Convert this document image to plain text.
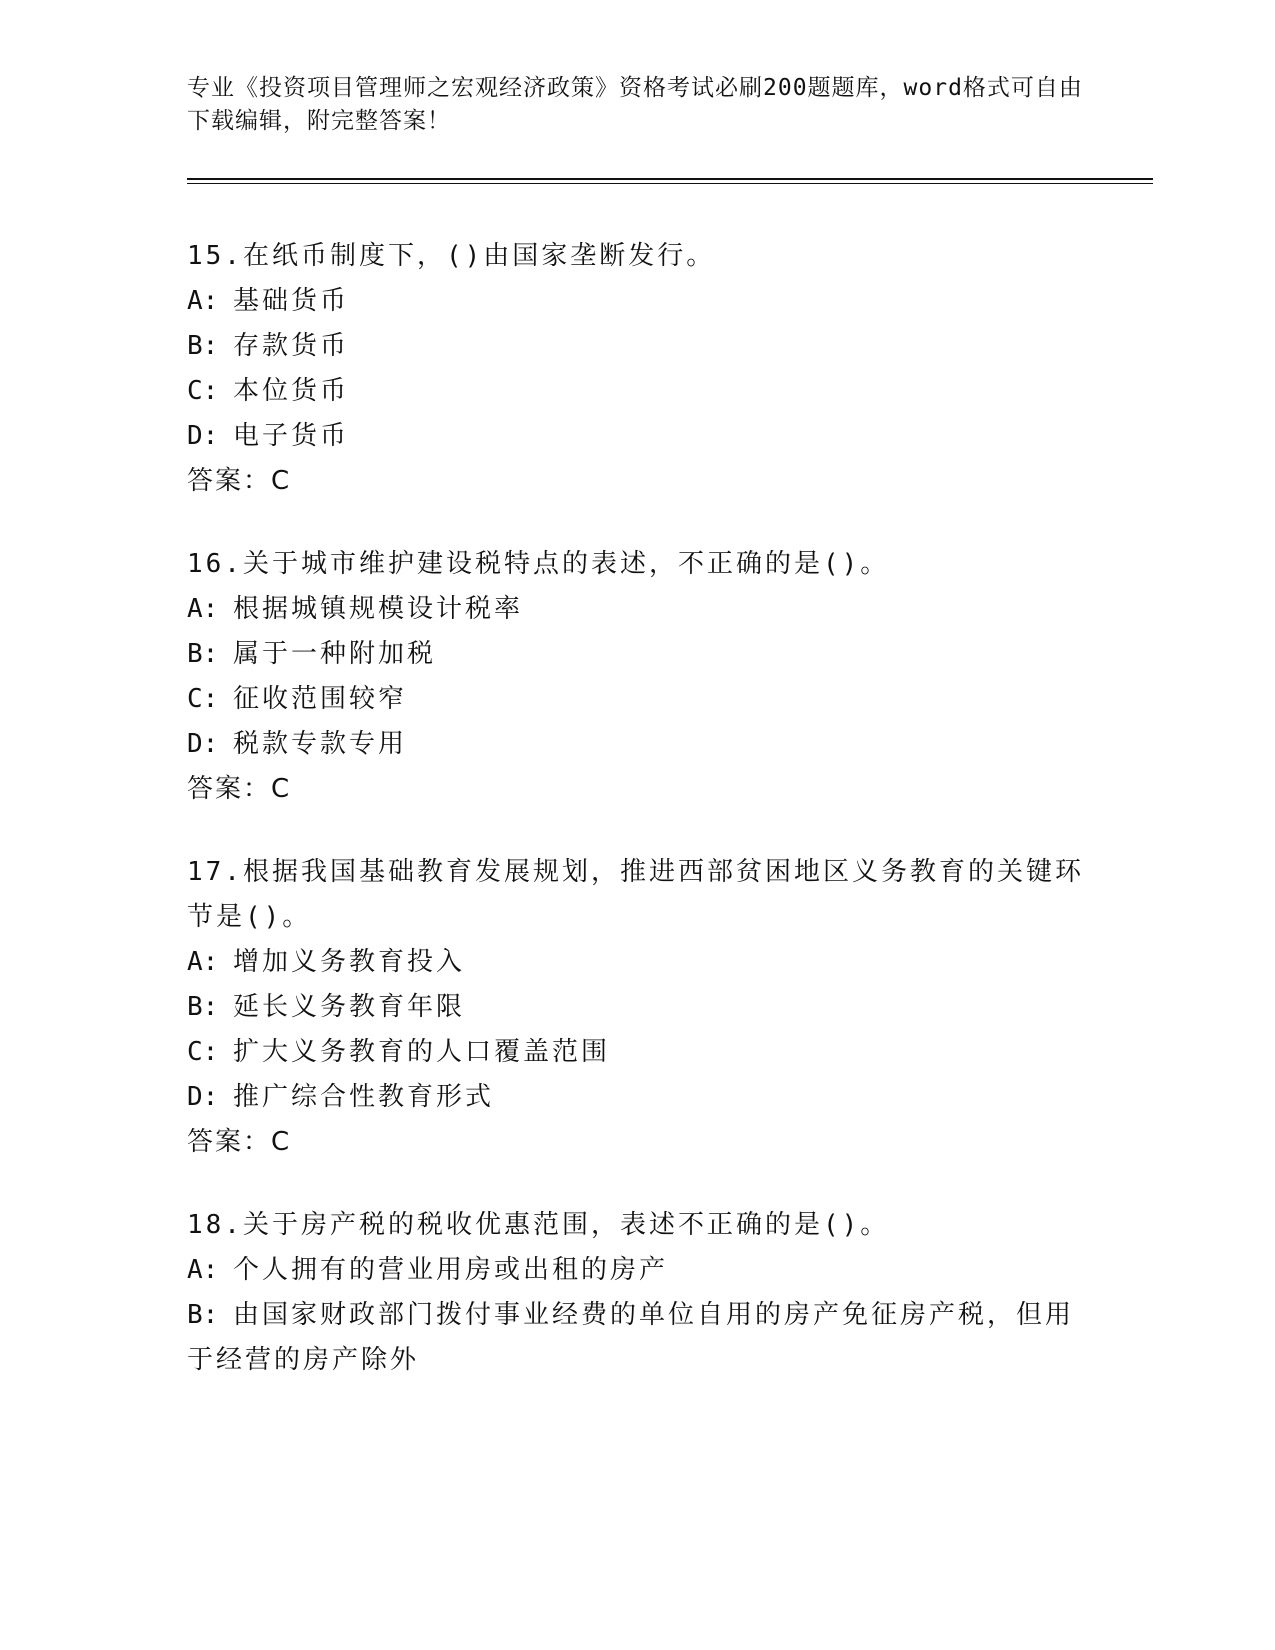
专业《投资项目管理师之宏观经济政策》资格考试必刷200题题库，word格式可自由下载编辑，附完整答案！

15.在纸币制度下，()由国家垄断发行。

A: 基础货币

B: 存款货币

C: 本位货币

D: 电子货币

答案：C

16.关于城市维护建设税特点的表述，不正确的是()。

A: 根据城镇规模设计税率

B: 属于一种附加税

C: 征收范围较窄

D: 税款专款专用

答案：C

17.根据我国基础教育发展规划，推进西部贫困地区义务教育的关键环节是()。

A: 增加义务教育投入

B: 延长义务教育年限

C: 扩大义务教育的人口覆盖范围

D: 推广综合性教育形式

答案：C

18.关于房产税的税收优惠范围，表述不正确的是()。

A: 个人拥有的营业用房或出租的房产

B: 由国家财政部门拨付事业经费的单位自用的房产免征房产税，但用于经营的房产除外
